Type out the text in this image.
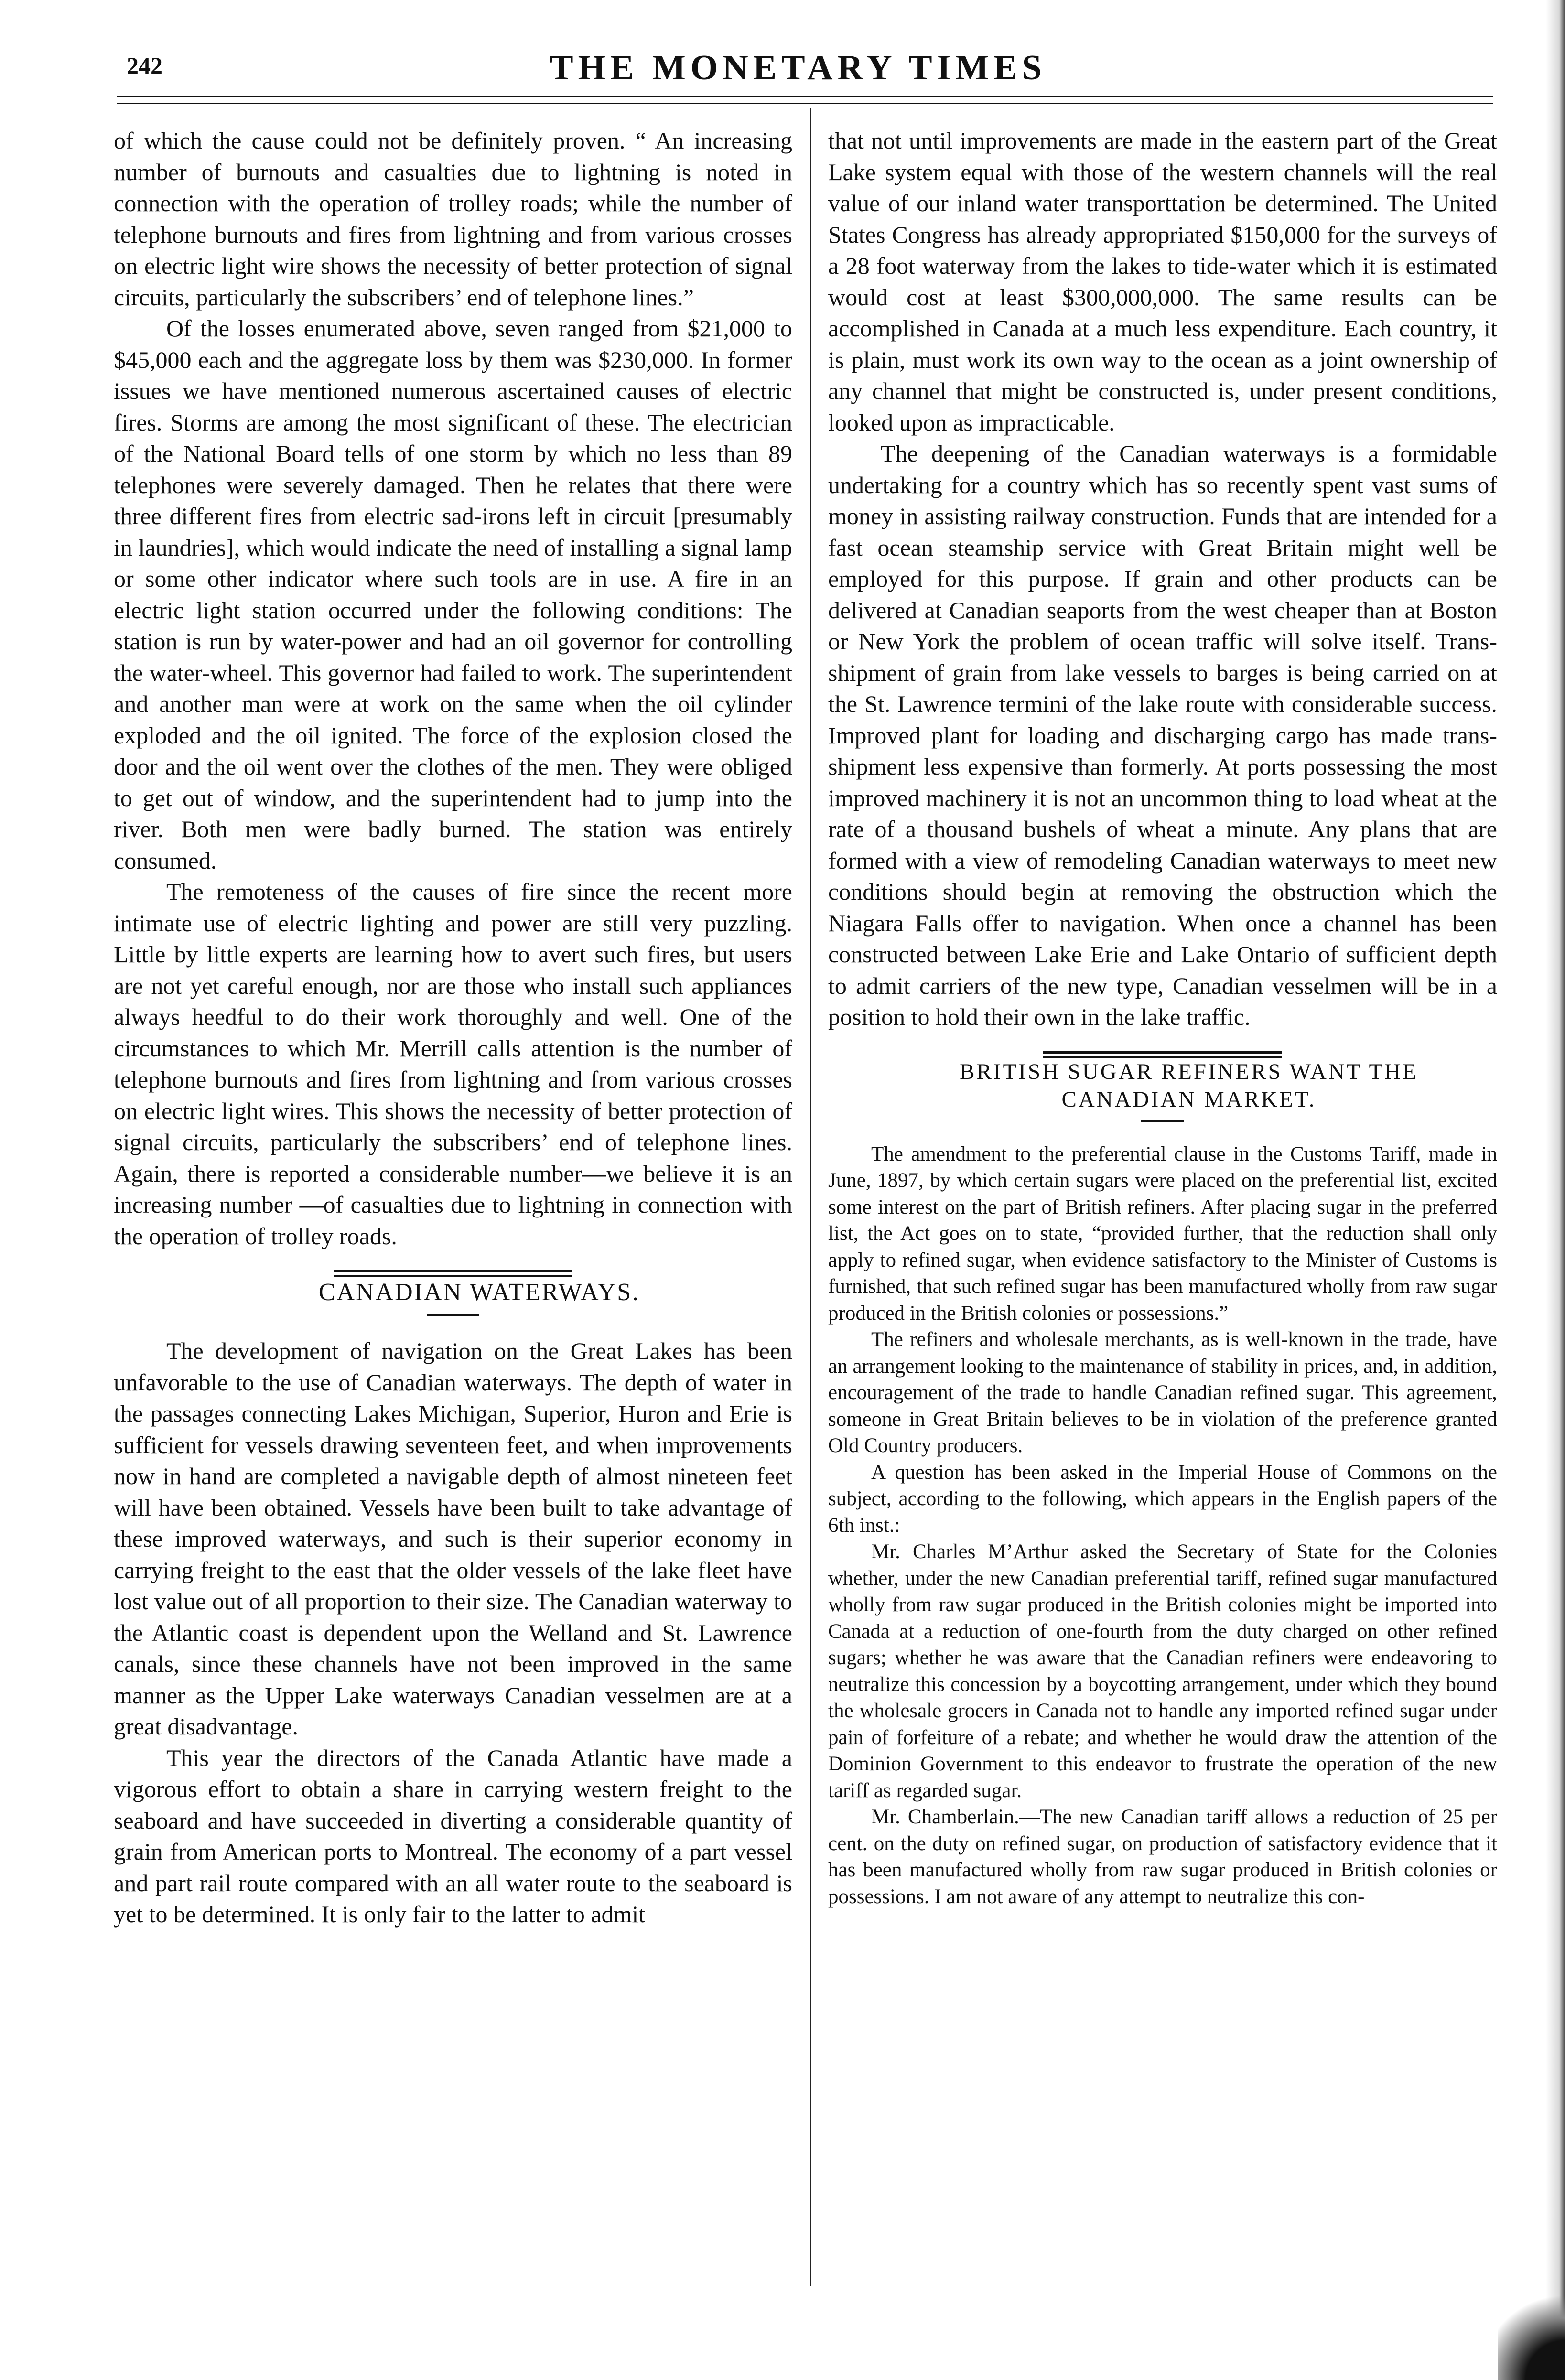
242	THE MONETARY TIMES

of which the cause could not be definitely proven. “ An increasing number of burnouts and casualties due to lightning is noted in connection with the operation of trolley roads; while the number of telephone burnouts and fires from lightning and from various crosses on electric light wire shows the necessity of better protection of signal circuits, particularly the subscribers’ end of telephone lines.”

Of the losses enumerated above, seven ranged from $21,000 to $45,000 each and the aggregate loss by them was $230,000. In former issues we have mentioned numerous ascertained causes of electric fires. Storms are among the most significant of these. The electrician of the National Board tells of one storm by which no less than 89 telephones were severely damaged. Then he relates that there were three different fires from electric sad-irons left in circuit [presumably in laundries], which would indicate the need of installing a signal lamp or some other indicator where such tools are in use. A fire in an electric light station occurred under the following conditions: The station is run by water-power and had an oil governor for controlling the water-wheel. This governor had failed to work. The superintendent and another man were at work on the same when the oil cylinder exploded and the oil ignited. The force of the explosion closed the door and the oil went over the clothes of the men. They were obliged to get out of window, and the superintendent had to jump into the river. Both men were badly burned. The station was entirely consumed.

The remoteness of the causes of fire since the recent more intimate use of electric lighting and power are still very puzzling. Little by little experts are learning how to avert such fires, but users are not yet careful enough, nor are those who install such appliances always heedful to do their work thoroughly and well. One of the circumstances to which Mr. Merrill calls attention is the number of telephone burnouts and fires from lightning and from various crosses on electric light wires. This shows the necessity of better protection of signal circuits, particularly the subscribers’ end of telephone lines. Again, there is reported a considerable number—we believe it is an increasing number —of casualties due to lightning in connection with the operation of trolley roads.

CANADIAN WATERWAYS.

The development of navigation on the Great Lakes has been unfavorable to the use of Canadian waterways. The depth of water in the passages connecting Lakes Michigan, Superior, Huron and Erie is sufficient for vessels drawing seventeen feet, and when improvements now in hand are completed a navigable depth of almost nineteen feet will have been obtained. Vessels have been built to take advantage of these improved waterways, and such is their superior economy in carrying freight to the east that the older vessels of the lake fleet have lost value out of all proportion to their size. The Canadian waterway to the Atlantic coast is dependent upon the Welland and St. Lawrence canals, since these channels have not been improved in the same manner as the Upper Lake waterways Canadian vesselmen are at a great disadvantage.

This year the directors of the Canada Atlantic have made a vigorous effort to obtain a share in carrying western freight to the seaboard and have succeeded in diverting a considerable quantity of grain from American ports to Montreal. The economy of a part vessel and part rail route compared with an all water route to the seaboard is yet to be determined. It is only fair to the latter to admit

that not until improvements are made in the eastern part of the Great Lake system equal with those of the western channels will the real value of our inland water transporttation be determined. The United States Congress has already appropriated $150,000 for the surveys of a 28 foot waterway from the lakes to tide-water which it is estimated would cost at least $300,000,000. The same results can be accomplished in Canada at a much less expenditure. Each country, it is plain, must work its own way to the ocean as a joint ownership of any channel that might be constructed is, under present conditions, looked upon as impracticable.

The deepening of the Canadian waterways is a formidable undertaking for a country which has so recently spent vast sums of money in assisting railway construction. Funds that are intended for a fast ocean steamship service with Great Britain might well be employed for this purpose. If grain and other products can be delivered at Canadian seaports from the west cheaper than at Boston or New York the problem of ocean traffic will solve itself. Trans-shipment of grain from lake vessels to barges is being carried on at the St. Lawrence termini of the lake route with considerable success. Improved plant for loading and discharging cargo has made trans-shipment less expensive than formerly. At ports possessing the most improved machinery it is not an uncommon thing to load wheat at the rate of a thousand bushels of wheat a minute. Any plans that are formed with a view of remodeling Canadian waterways to meet new conditions should begin at removing the obstruction which the Niagara Falls offer to navigation. When once a channel has been constructed between Lake Erie and Lake Ontario of sufficient depth to admit carriers of the new type, Canadian vesselmen will be in a position to hold their own in the lake traffic.

BRITISH SUGAR REFINERS WANT THE

CANADIAN MARKET.

The amendment to the preferential clause in the Customs Tariff, made in June, 1897, by which certain sugars were placed on the preferential list, excited some interest on the part of British refiners. After placing sugar in the preferred list, the Act goes on to state, “provided further, that the reduction shall only apply to refined sugar, when evidence satisfactory to the Minister of Customs is furnished, that such refined sugar has been manufactured wholly from raw sugar produced in the British colonies or possessions.”

The refiners and wholesale merchants, as is well-known in the trade, have an arrangement looking to the maintenance of stability in prices, and, in addition, encouragement of the trade to handle Canadian refined sugar. This agreement, someone in Great Britain believes to be in violation of the preference granted Old Country producers.

A question has been asked in the Imperial House of Commons on the subject, according to the following, which appears in the English papers of the 6th inst.:

Mr. Charles M’Arthur asked the Secretary of State for the Colonies whether, under the new Canadian preferential tariff, refined sugar manufactured wholly from raw sugar produced in the British colonies might be imported into Canada at a reduction of one-fourth from the duty charged on other refined sugars; whether he was aware that the Canadian refiners were endeavoring to neutralize this concession by a boycotting arrangement, under which they bound the wholesale grocers in Canada not to handle any imported refined sugar under pain of forfeiture of a rebate; and whether he would draw the attention of the Dominion Government to this endeavor to frustrate the operation of the new tariff as regarded sugar.

Mr. Chamberlain.—The new Canadian tariff allows a reduction of 25 per cent. on the duty on refined sugar, on production of satisfactory evidence that it has been manufactured wholly from raw sugar produced in British colonies or possessions. I am not aware of any attempt to neutralize this con-
